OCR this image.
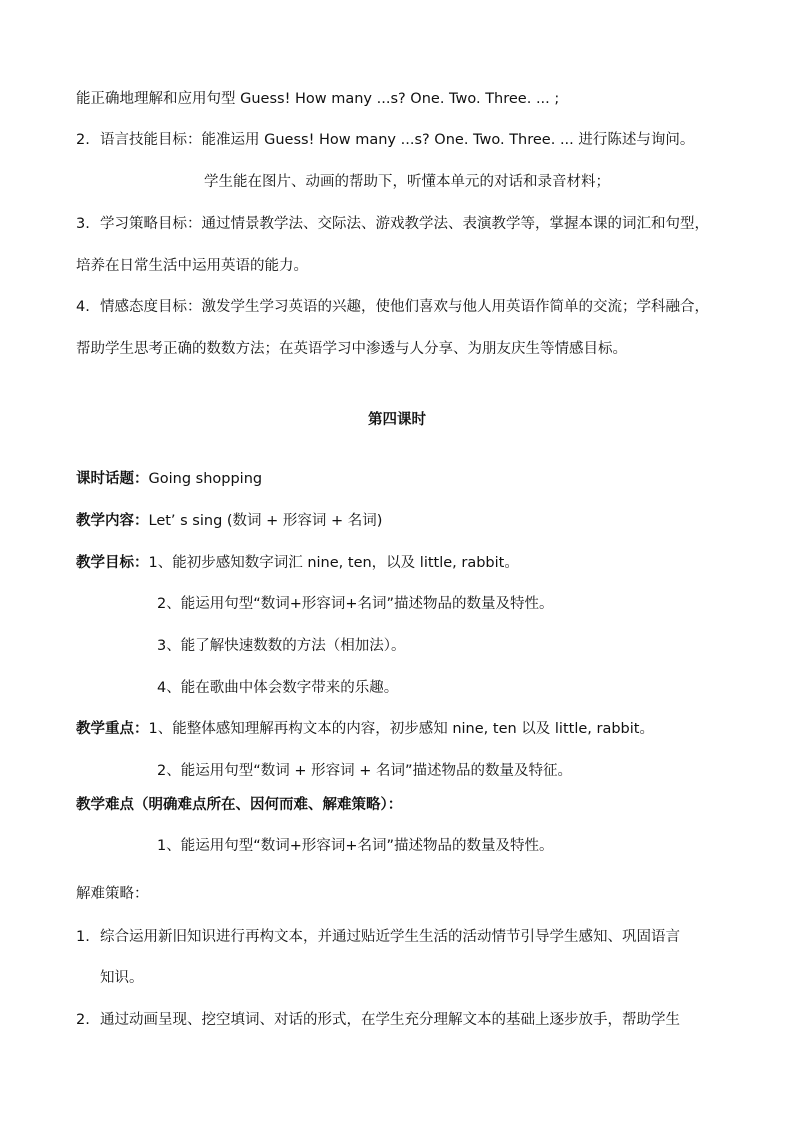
能正确地理解和应用句型 Guess! How many ...s? One. Two. Three. ... ;
2. 语言技能目标：能准运用 Guess! How many ...s? One. Two. Three. ... 进行陈述与询问。
学生能在图片、动画的帮助下，听懂本单元的对话和录音材料；
3. 学习策略目标：通过情景教学法、交际法、游戏教学法、表演教学等，掌握本课的词汇和句型，
培养在日常生活中运用英语的能力。
4. 情感态度目标：激发学生学习英语的兴趣，使他们喜欢与他人用英语作简单的交流；学科融合，
帮助学生思考正确的数数方法；在英语学习中渗透与人分享、为朋友庆生等情感目标。
第四课时
课时话题：Going shopping
教学内容：Let’ s sing (数词 + 形容词 + 名词)
教学目标：1、能初步感知数字词汇 nine, ten，以及 little, rabbit。
2、能运用句型“数词+形容词+名词”描述物品的数量及特性。
3、能了解快速数数的方法（相加法）。
4、能在歌曲中体会数字带来的乐趣。
教学重点：1、能整体感知理解再构文本的内容，初步感知 nine, ten 以及 little, rabbit。
2、能运用句型“数词 + 形容词 + 名词”描述物品的数量及特征。
教学难点（明确难点所在、因何而难、解难策略）：
1、能运用句型“数词+形容词+名词”描述物品的数量及特性。
解难策略：
1. 综合运用新旧知识进行再构文本，并通过贴近学生生活的活动情节引导学生感知、巩固语言
知识。
2. 通过动画呈现、挖空填词、对话的形式，在学生充分理解文本的基础上逐步放手，帮助学生
